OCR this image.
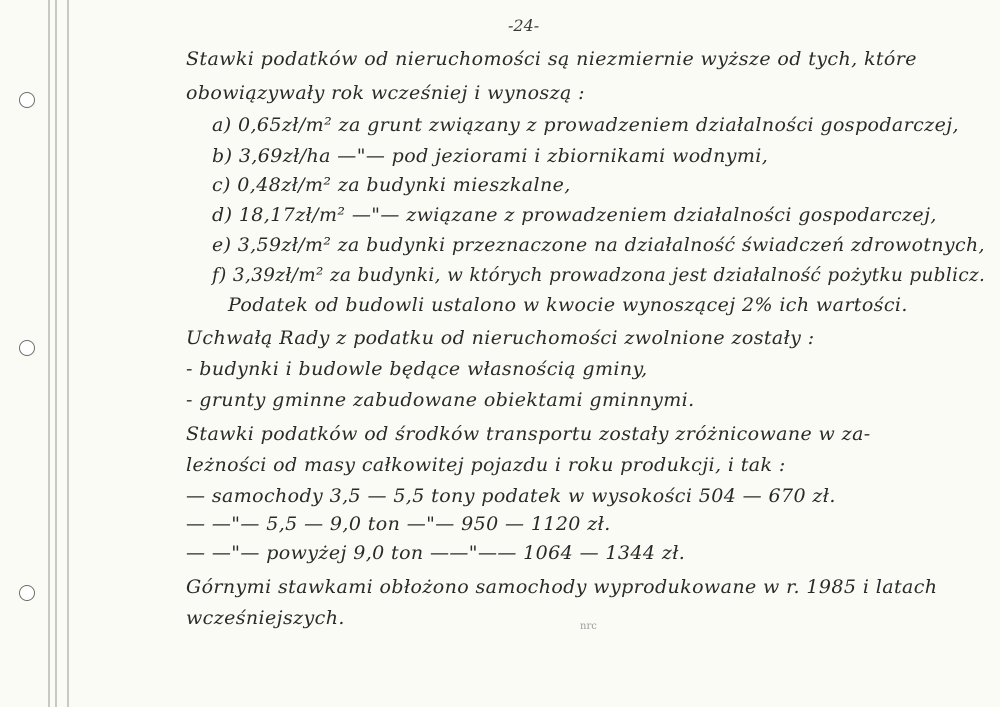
-24-
Stawki podatków od nieruchomości są niezmiernie wyższe od tych, które
obowiązywały rok wcześniej i wynoszą :
a) 0,65zł/m² za grunt związany z prowadzeniem działalności gospodarczej,
b) 3,69zł/ha —"— pod jeziorami i zbiornikami wodnymi,
c) 0,48zł/m² za budynki mieszkalne,
d) 18,17zł/m² —"— związane z prowadzeniem działalności gospodarczej,
e) 3,59zł/m² za budynki przeznaczone na działalność świadczeń zdrowotnych,
f) 3,39zł/m² za budynki, w których prowadzona jest działalność pożytku publicz.
Podatek od budowli ustalono w kwocie wynoszącej 2% ich wartości.
Uchwałą Rady z podatku od nieruchomości zwolnione zostały :
- budynki i budowle będące własnością gminy,
- grunty gminne zabudowane obiektami gminnymi.
Stawki podatków od środków transportu zostały zróżnicowane w za-
leżności od masy całkowitej pojazdu i roku produkcji, i tak :
— samochody 3,5 — 5,5 tony podatek w wysokości 504 — 670 zł.
— —"— 5,5 — 9,0 ton —"— 950 — 1120 zł.
— —"— powyżej 9,0 ton ——"—— 1064 — 1344 zł.
Górnymi stawkami obłożono samochody wyprodukowane w r. 1985 i latach
wcześniejszych.	nrc
